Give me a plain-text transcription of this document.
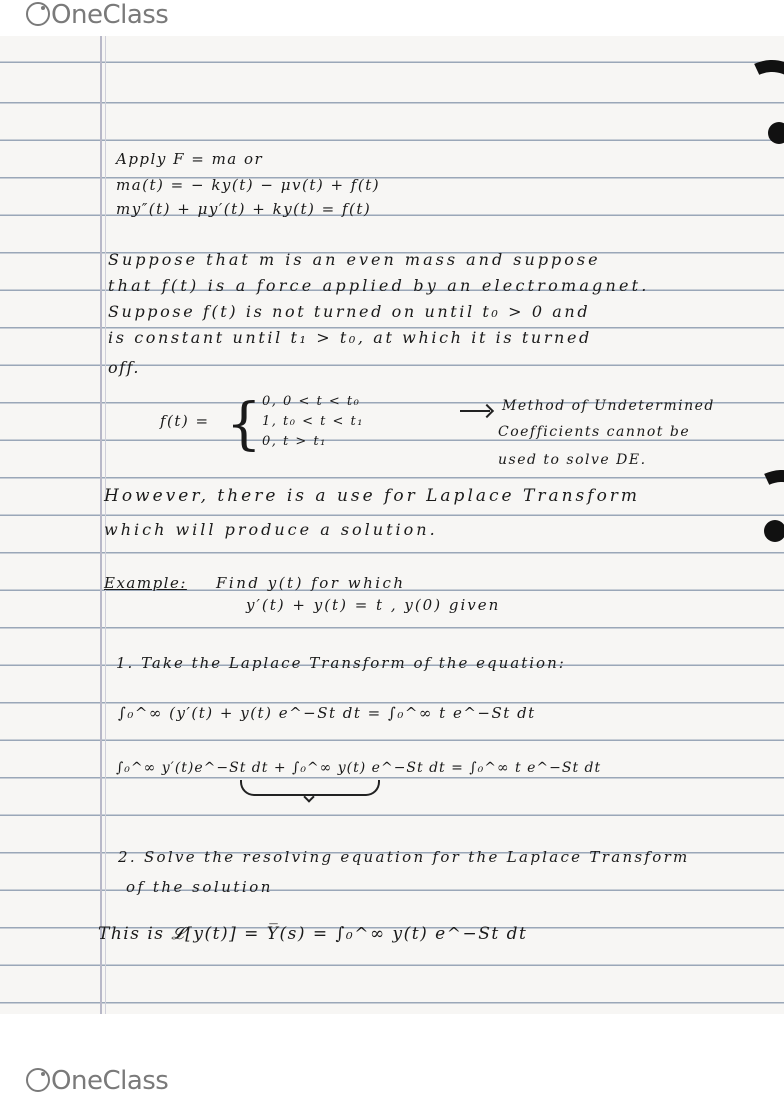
OneClass
Apply F = ma or
ma(t) = − ky(t) − μv(t) + f(t)
my″(t) + μy′(t) + ky(t) = f(t)
Suppose that m is an even mass and suppose
that f(t) is a force applied by an electromagnet.
Suppose f(t) is not turned on until t₀ > 0 and
is constant until t₁ > t₀, at which it is turned
off.
f(t) = { 0, 0 < t < t₀
1, t₀ < t < t₁
0, t > t₁
Method of Undetermined
Coefficients cannot be
used to solve DE.
However, there is a use for Laplace Transform
which will produce a solution.
Example: Find y(t) for which
y′(t) + y(t) = t , y(0) given
1. Take the Laplace Transform of the equation:
∫₀^∞ (y′(t) + y(t) e^−St dt = ∫₀^∞ t e^−St dt
∫₀^∞ y′(t)e^−St dt + ∫₀^∞ y(t) e^−St dt = ∫₀^∞ t e^−St dt
2. Solve the resolving equation for the Laplace Transform
of the solution
This is 𝓛[y(t)] = Y̅(s) = ∫₀^∞ y(t) e^−St dt
OneClass
